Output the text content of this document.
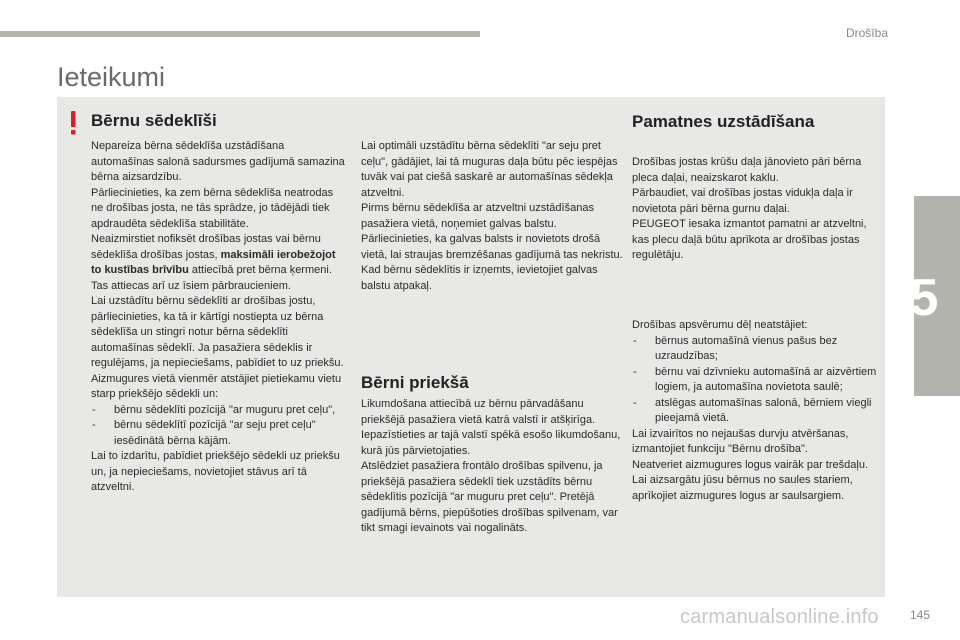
Drošība
5
Ieteikumi
Bērnu sēdeklīši

Nepareiza bērna sēdeklīša uzstādīšana automašīnas salonā sadursmes gadījumā samazina bērna aizsardzību.

Pārliecinieties, ka zem bērna sēdeklīša neatrodas ne drošības josta, ne tās sprādze, jo tādējādi tiek apdraudēta sēdeklīša stabilitāte.

Neaizmirstiet nofiksēt drošības jostas vai bērnu sēdeklīša drošības jostas, maksimāli ierobežojot to kustības brīvību attiecībā pret bērna ķermeni. Tas attiecas arī uz īsiem pārbraucieniem.

Lai uzstādītu bērnu sēdeklīti ar drošības jostu, pārliecinieties, ka tā ir kārtīgi nostiepta uz bērna sēdeklīša un stingri notur bērna sēdeklīti automašīnas sēdeklī. Ja pasažiera sēdeklis ir regulējams, ja nepieciešams, pabīdiet to uz priekšu.

Aizmugures vietā vienmēr atstājiet pietiekamu vietu starp priekšējo sēdekli un:

- bērnu sēdeklīti pozīcijā "ar muguru pret ceļu",

- bērnu sēdeklītī pozīcijā "ar seju pret ceļu" iesēdinātā bērna kājām.

Lai to izdarītu, pabīdiet priekšējo sēdekli uz priekšu un, ja nepieciešams, novietojiet stāvus arī tā atzveltni.

Lai optimāli uzstādītu bērna sēdeklīti "ar seju pret ceļu", gādājiet, lai tā muguras daļa būtu pēc iespējas tuvāk vai pat ciešā saskarē ar automašīnas sēdekļa atzveltni.

Pirms bērnu sēdeklīša ar atzveltni uzstādīšanas pasažiera vietā, noņemiet galvas balstu.

Pārliecinieties, ka galvas balsts ir novietots drošā vietā, lai straujas bremzēšanas gadījumā tas nekristu.

Kad bērnu sēdeklītis ir izņemts, ievietojiet galvas balstu atpakaļ.

Bērni priekšā

Likumdošana attiecībā uz bērnu pārvadāšanu priekšējā pasažiera vietā katrā valstī ir atšķirīga. Iepazīstieties ar tajā valstī spēkā esošo likumdošanu, kurā jūs pārvietojaties.

Atslēdziet pasažiera frontālo drošības spilvenu, ja priekšējā pasažiera sēdeklī tiek uzstādīts bērnu sēdeklītis pozīcijā "ar muguru pret ceļu". Pretējā gadījumā bērns, piepūšoties drošības spilvenam, var tikt smagi ievainots vai nogalināts.

Pamatnes uzstādīšana

Drošības jostas krūšu daļa jānovieto pāri bērna pleca daļai, neaizskarot kaklu.

Pārbaudiet, vai drošības jostas vidukļa daļa ir novietota pāri bērna gurnu daļai.

PEUGEOT iesaka izmantot pamatni ar atzveltni, kas plecu daļā būtu aprīkota ar drošības jostas regulētāju.

Drošības apsvērumu dēļ neatstājiet:

- bērnus automašīnā vienus pašus bez uzraudzības;

- bērnu vai dzīvnieku automašīnā ar aizvērtiem logiem, ja automašīna novietota saulē;

- atslēgas automašīnas salonā, bērniem viegli pieejamā vietā.

Lai izvairītos no nejaušas durvju atvēršanas, izmantojiet funkciju "Bērnu drošība".

Neatveriet aizmugures logus vairāk par trešdaļu.

Lai aizsargātu jūsu bērnus no saules stariem, aprīkojiet aizmugures logus ar saulsargiem.

carmanualsonline.info	145
